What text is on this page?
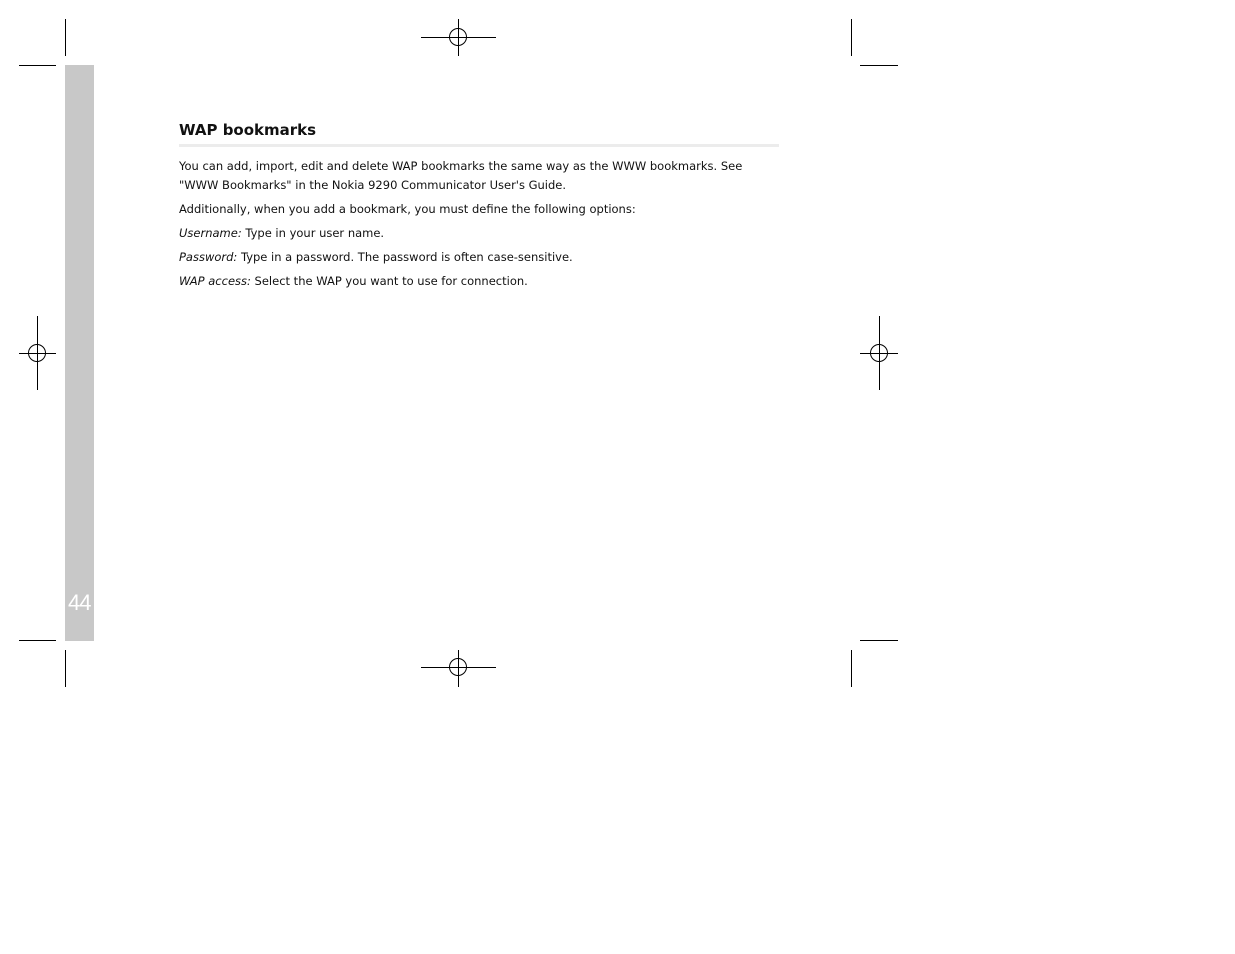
44
WAP bookmarks

You can add, import, edit and delete WAP bookmarks the same way as the WWW bookmarks. See "WWW Bookmarks" in the Nokia 9290 Communicator User's Guide.

Additionally, when you add a bookmark, you must define the following options:

Username: Type in your user name.

Password: Type in a password. The password is often case-sensitive.

WAP access: Select the WAP you want to use for connection.
